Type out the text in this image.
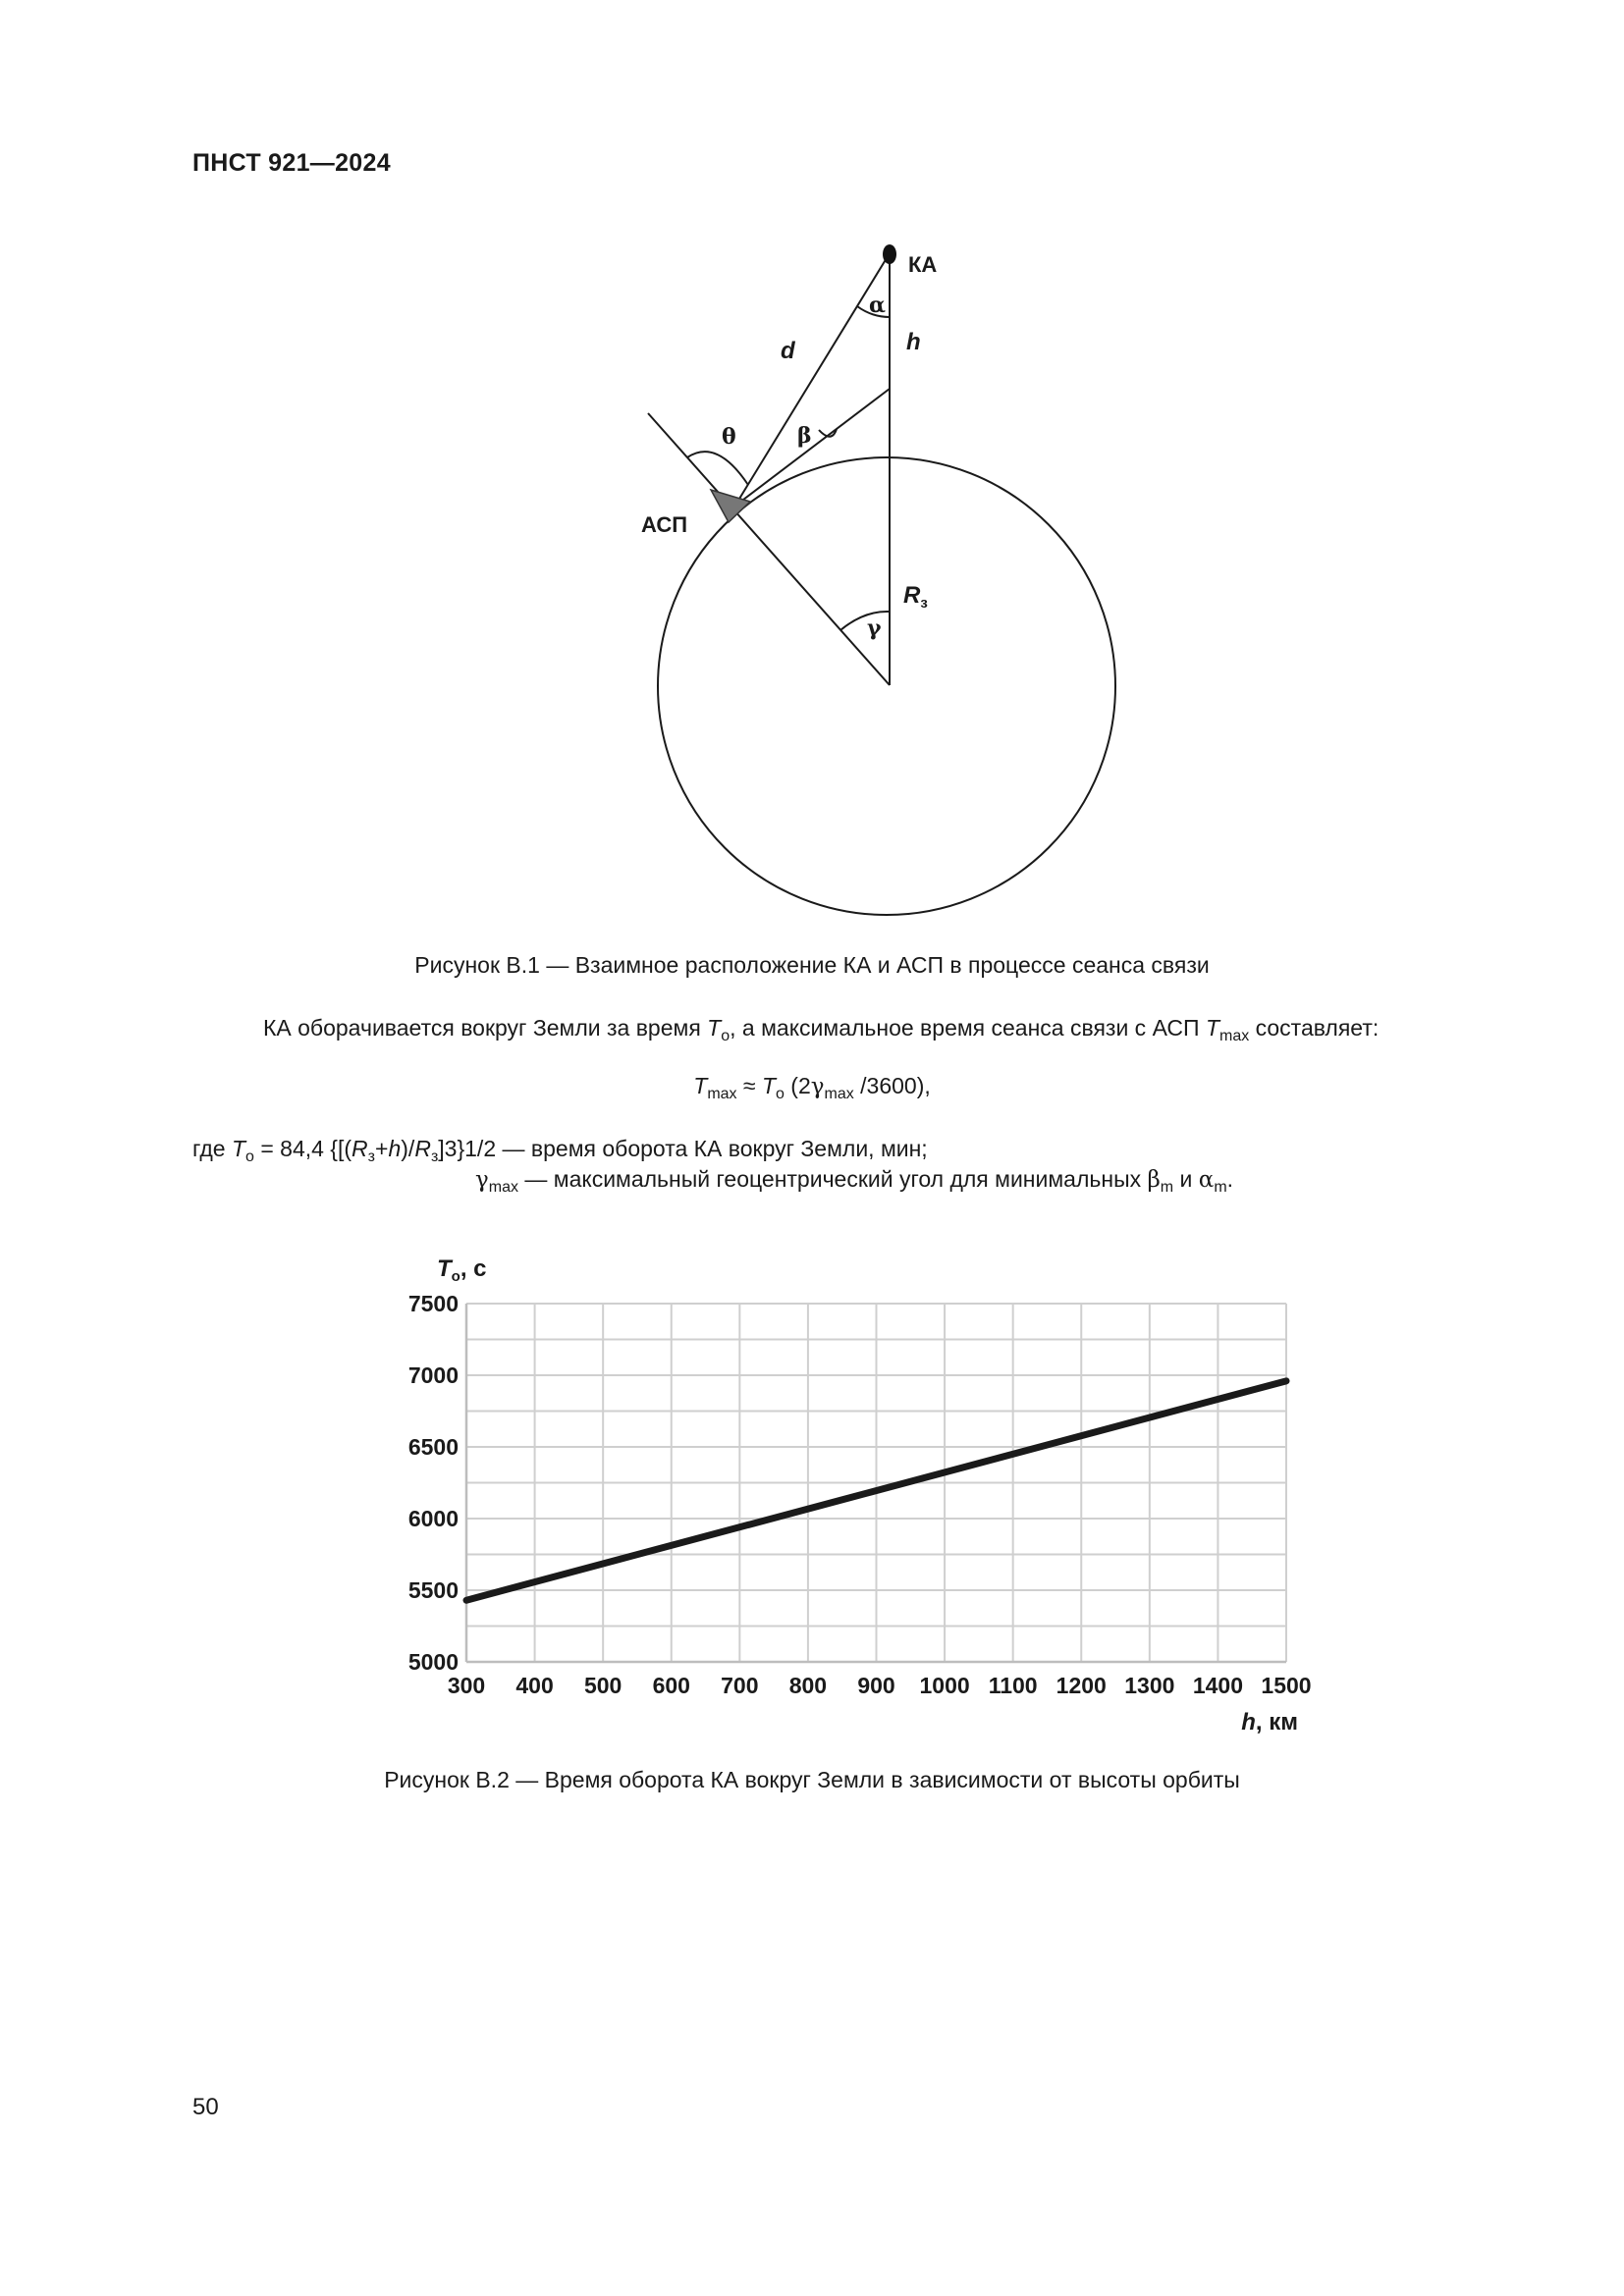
ПНСТ 921—2024
КА
АСП
α
β
θ
γ
d	h
$R_з$
Рисунок В.1 — Взаимное расположение КА и АСП в процессе сеанса связи
КА оборачивается вокруг Земли за время $T_o$, а максимальное время сеанса связи с АСП $T_{max}$ составляет:
$T_{max} \approx T_o$ ($2\gamma_{max}$ /3600),
где $T_o = 84,4$ $\{[(R_з+h)/R_з]3\}1/2$ — время оборота КА вокруг Земли, мин;
$\gamma_{max}$ — максимальный геоцентрический угол для минимальных $\beta_m$ и $\alpha_m$.
300 400 500 600 700 800 900 1000 1100 1200 1300 1400 1500
5000
5500
6000
6500
7000
7500
$T_o$, с
h, км
Рисунок В.2 — Время оборота КА вокруг Земли в зависимости от высоты орбиты
50
